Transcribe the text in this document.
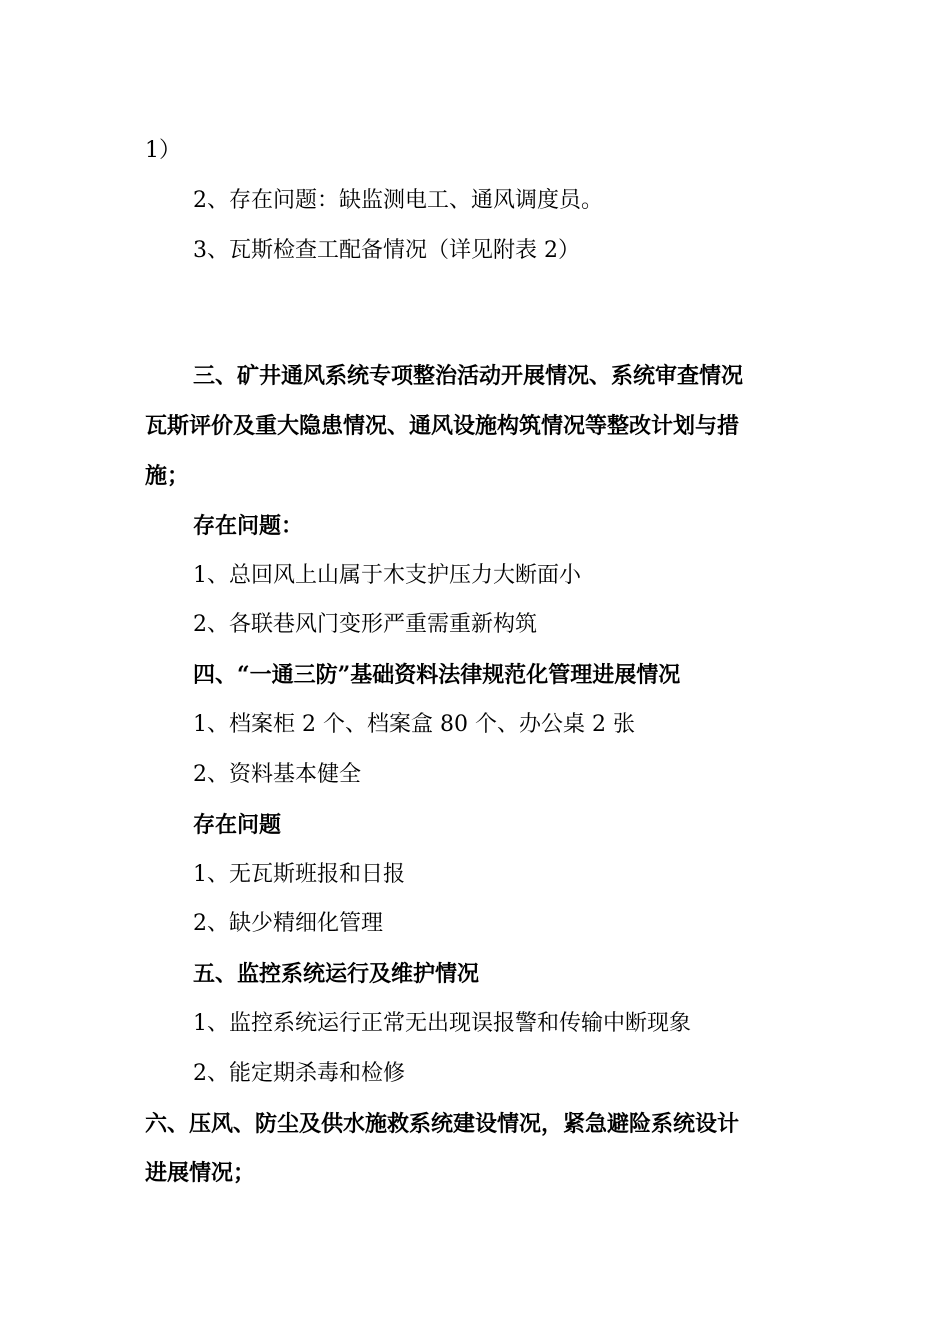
1）
2、存在问题：缺监测电工、通风调度员。
3、瓦斯检查工配备情况（详见附表 2）
三、矿井通风系统专项整治活动开展情况、系统审查情况
瓦斯评价及重大隐患情况、通风设施构筑情况等整改计划与措
施；
存在问题：
1、总回风上山属于木支护压力大断面小
2、各联巷风门变形严重需重新构筑
四、“一通三防”基础资料法律规范化管理进展情况
1、档案柜 2 个、档案盒 80 个、办公桌 2 张
2、资料基本健全
存在问题
1、无瓦斯班报和日报
2、缺少精细化管理
五、监控系统运行及维护情况
1、监控系统运行正常无出现误报警和传输中断现象
2、能定期杀毒和检修
六、压风、防尘及供水施救系统建设情况，紧急避险系统设计
进展情况；
